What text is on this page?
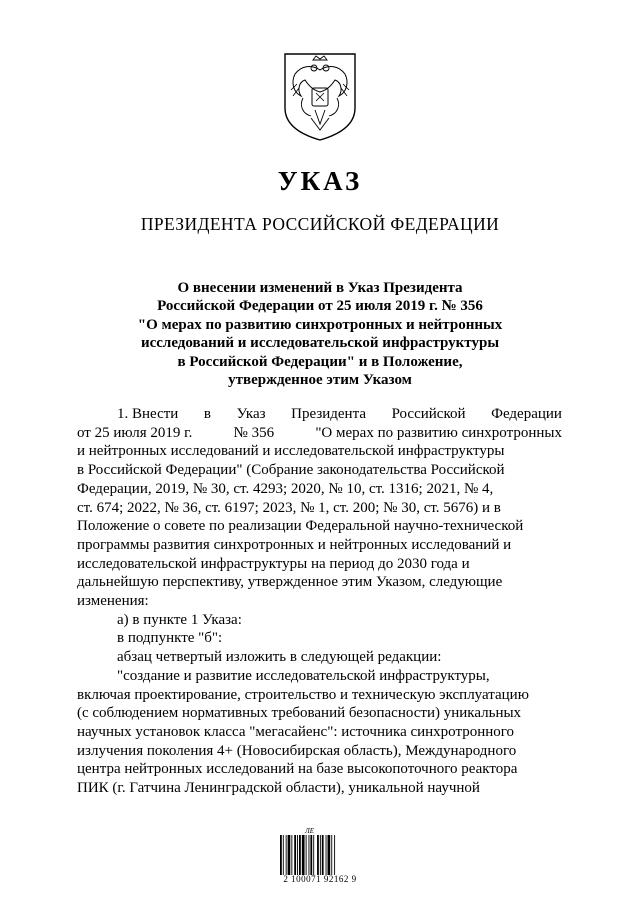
УКАЗ
ПРЕЗИДЕНТА РОССИЙСКОЙ ФЕДЕРАЦИИ
О внесении изменений в Указ Президента
Российской Федерации от 25 июля 2019 г. № 356
"О мерах по развитию синхротронных и нейтронных
исследований и исследовательской инфраструктуры
в Российской Федерации" и в Положение,
утвержденное этим Указом
1. Внести в Указ Президента Российской Федерации
от 25 июля 2019 г.	№ 356	"О мерах по развитию синхротронных
и нейтронных исследований и исследовательской инфраструктуры
в Российской Федерации" (Собрание законодательства Российской
Федерации, 2019, № 30, ст. 4293; 2020, № 10, ст. 1316; 2021, № 4,
ст. 674; 2022, № 36, ст. 6197; 2023, № 1, ст. 200; № 30, ст. 5676) и в
Положение о совете по реализации Федеральной научно-технической
программы развития синхротронных и нейтронных исследований и
исследовательской инфраструктуры на период до 2030 года и
дальнейшую перспективу, утвержденное этим Указом, следующие
изменения:
а) в пункте 1 Указа:
в подпункте "б":
абзац четвертый изложить в следующей редакции:
"создание и развитие исследовательской инфраструктуры,
включая проектирование, строительство и техническую эксплуатацию
(с соблюдением нормативных требований безопасности) уникальных
научных установок класса "мегасайенс": источника синхротронного
излучения поколения 4+ (Новосибирская область), Международного
центра нейтронных исследований на базе высокопоточного реактора
ПИК (г. Гатчина Ленинградской области), уникальной научной
ЛЕ
2 100071 92162 9
